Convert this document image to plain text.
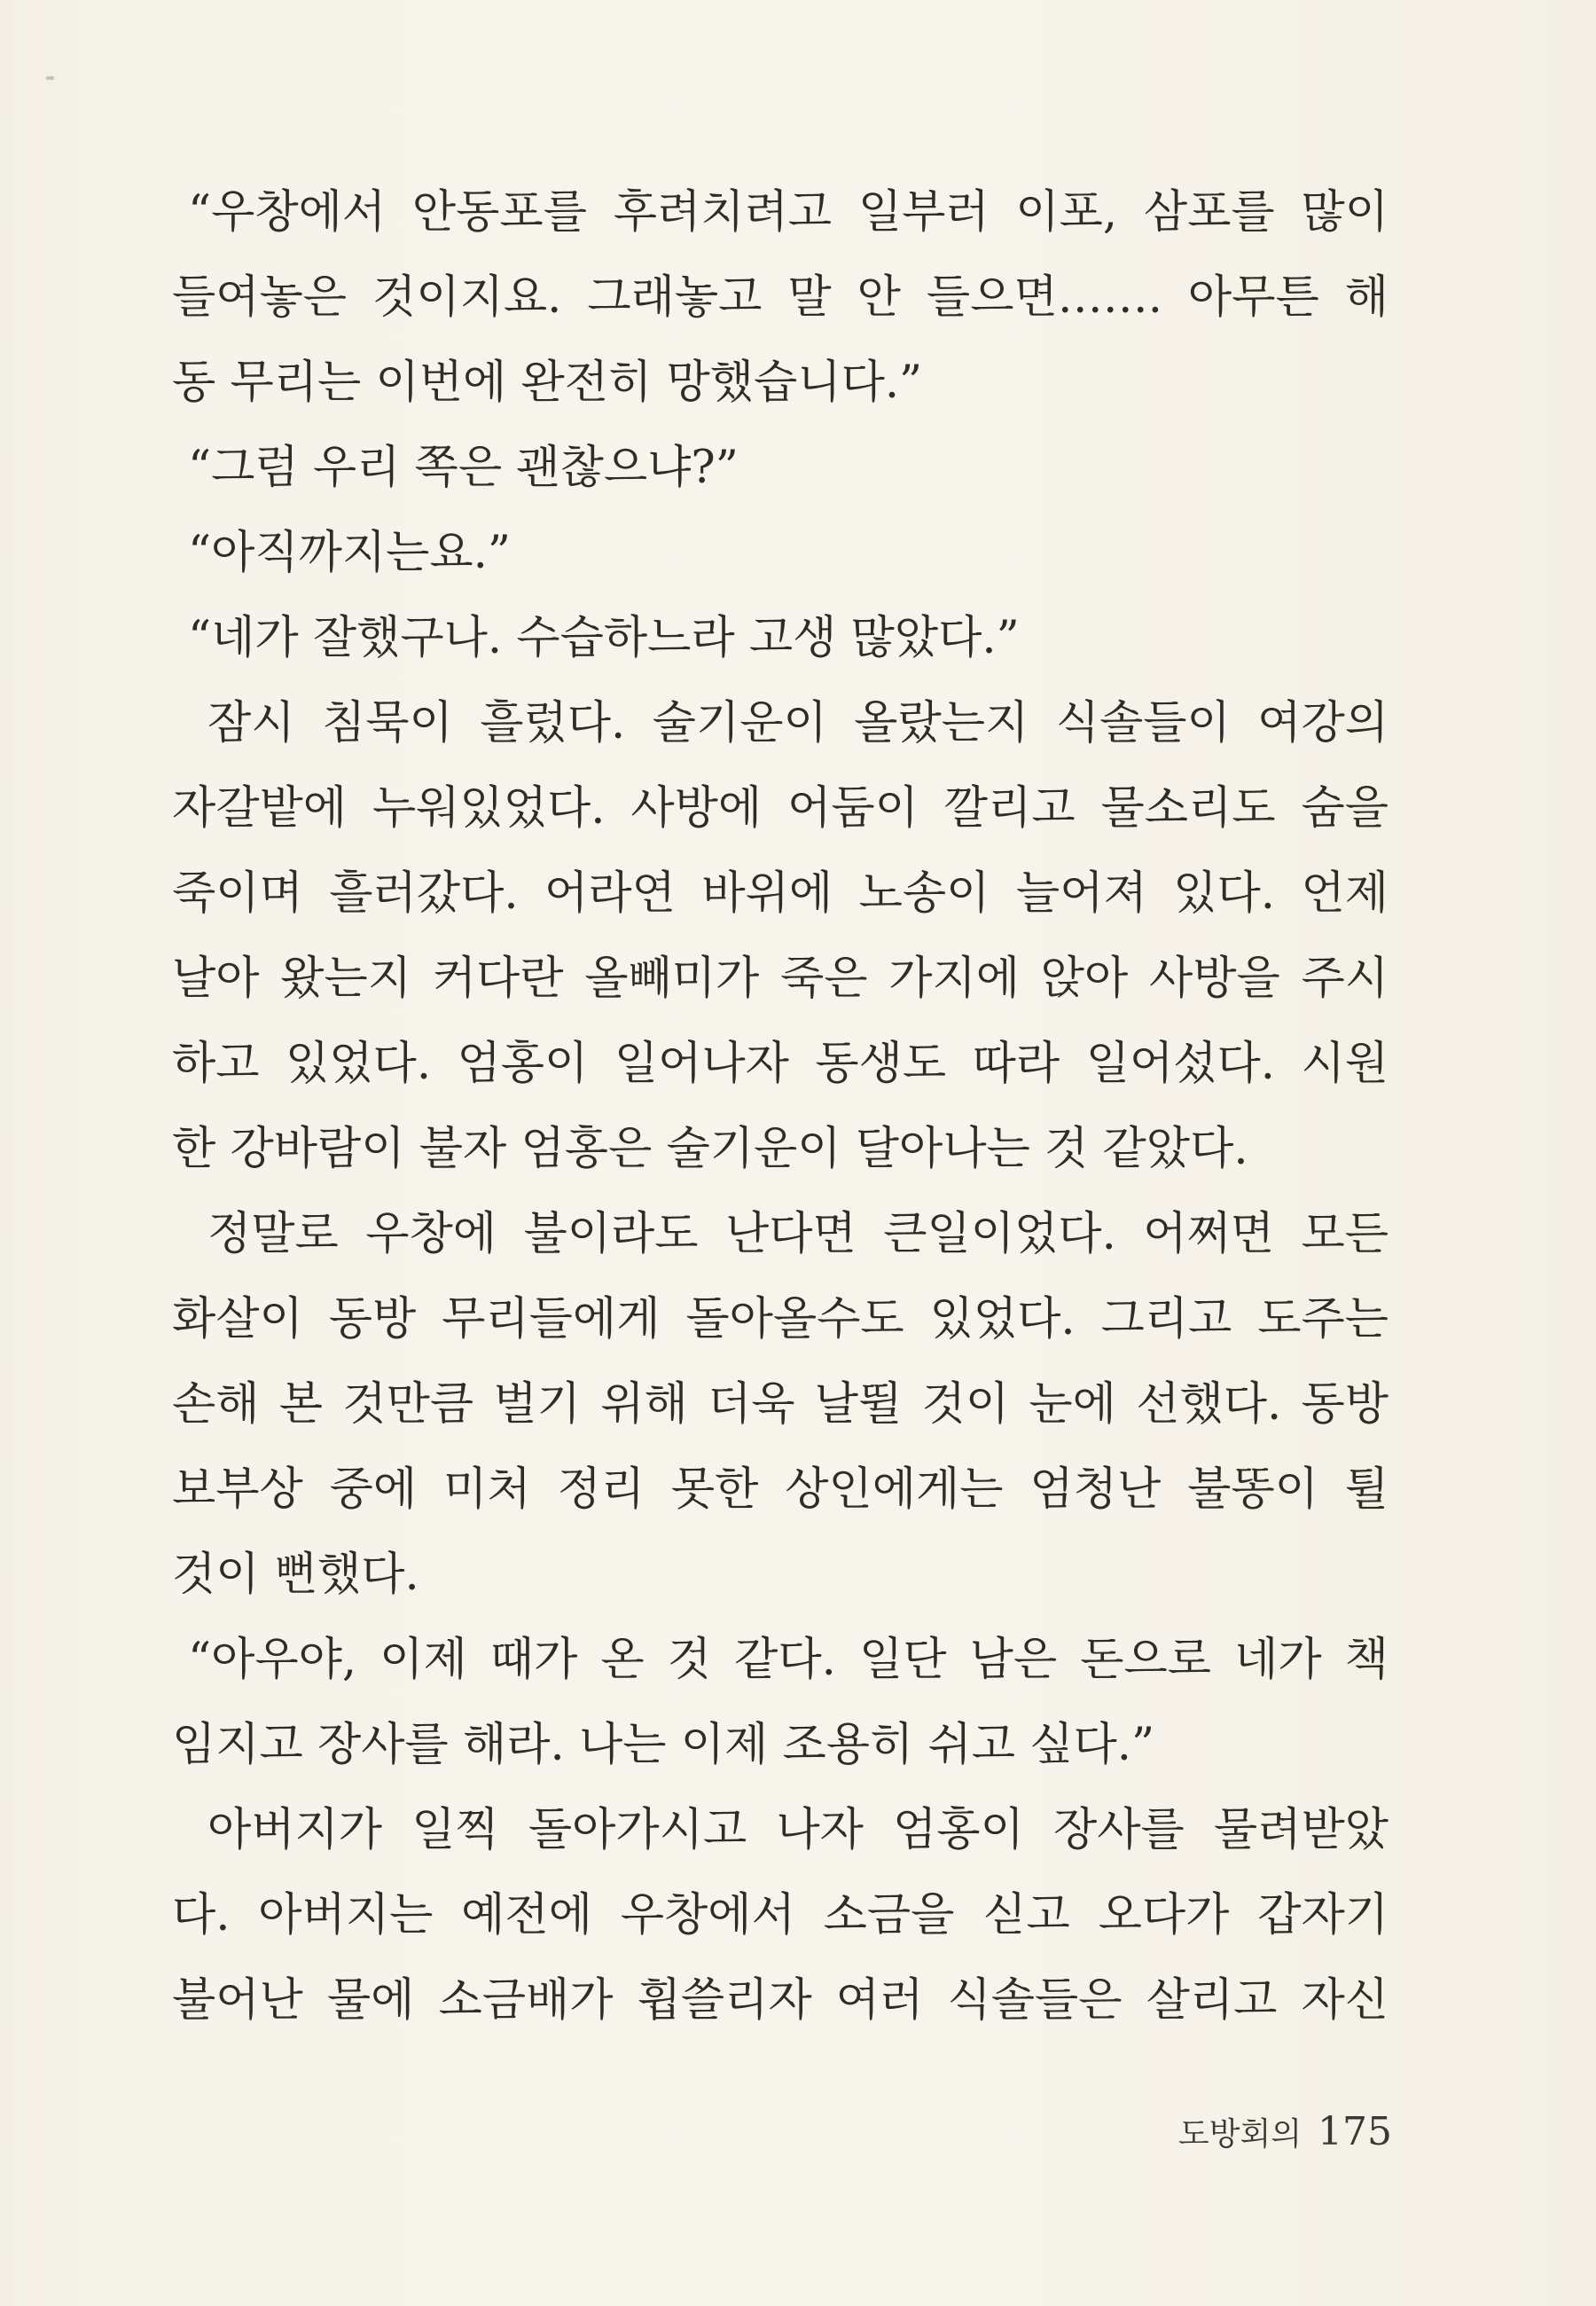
“우창에서 안동포를 후려치려고 일부러 이포, 삼포를 많이
들여놓은 것이지요. 그래놓고 말 안 들으면……. 아무튼 해
동 무리는 이번에 완전히 망했습니다.”
“그럼 우리 쪽은 괜찮으냐?”
“아직까지는요.”
“네가 잘했구나. 수습하느라 고생 많았다.”
잠시 침묵이 흘렀다. 술기운이 올랐는지 식솔들이 여강의
자갈밭에 누워있었다. 사방에 어둠이 깔리고 물소리도 숨을
죽이며 흘러갔다. 어라연 바위에 노송이 늘어져 있다. 언제
날아 왔는지 커다란 올빼미가 죽은 가지에 앉아 사방을 주시
하고 있었다. 엄홍이 일어나자 동생도 따라 일어섰다. 시원
한 강바람이 불자 엄홍은 술기운이 달아나는 것 같았다.
정말로 우창에 불이라도 난다면 큰일이었다. 어쩌면 모든
화살이 동방 무리들에게 돌아올수도 있었다. 그리고 도주는
손해 본 것만큼 벌기 위해 더욱 날뛸 것이 눈에 선했다. 동방
보부상 중에 미처 정리 못한 상인에게는 엄청난 불똥이 튈
것이 뻔했다.
“아우야, 이제 때가 온 것 같다. 일단 남은 돈으로 네가 책
임지고 장사를 해라. 나는 이제 조용히 쉬고 싶다.”
아버지가 일찍 돌아가시고 나자 엄홍이 장사를 물려받았
다. 아버지는 예전에 우창에서 소금을 싣고 오다가 갑자기
불어난 물에 소금배가 휩쓸리자 여러 식솔들은 살리고 자신
도방회의 175
